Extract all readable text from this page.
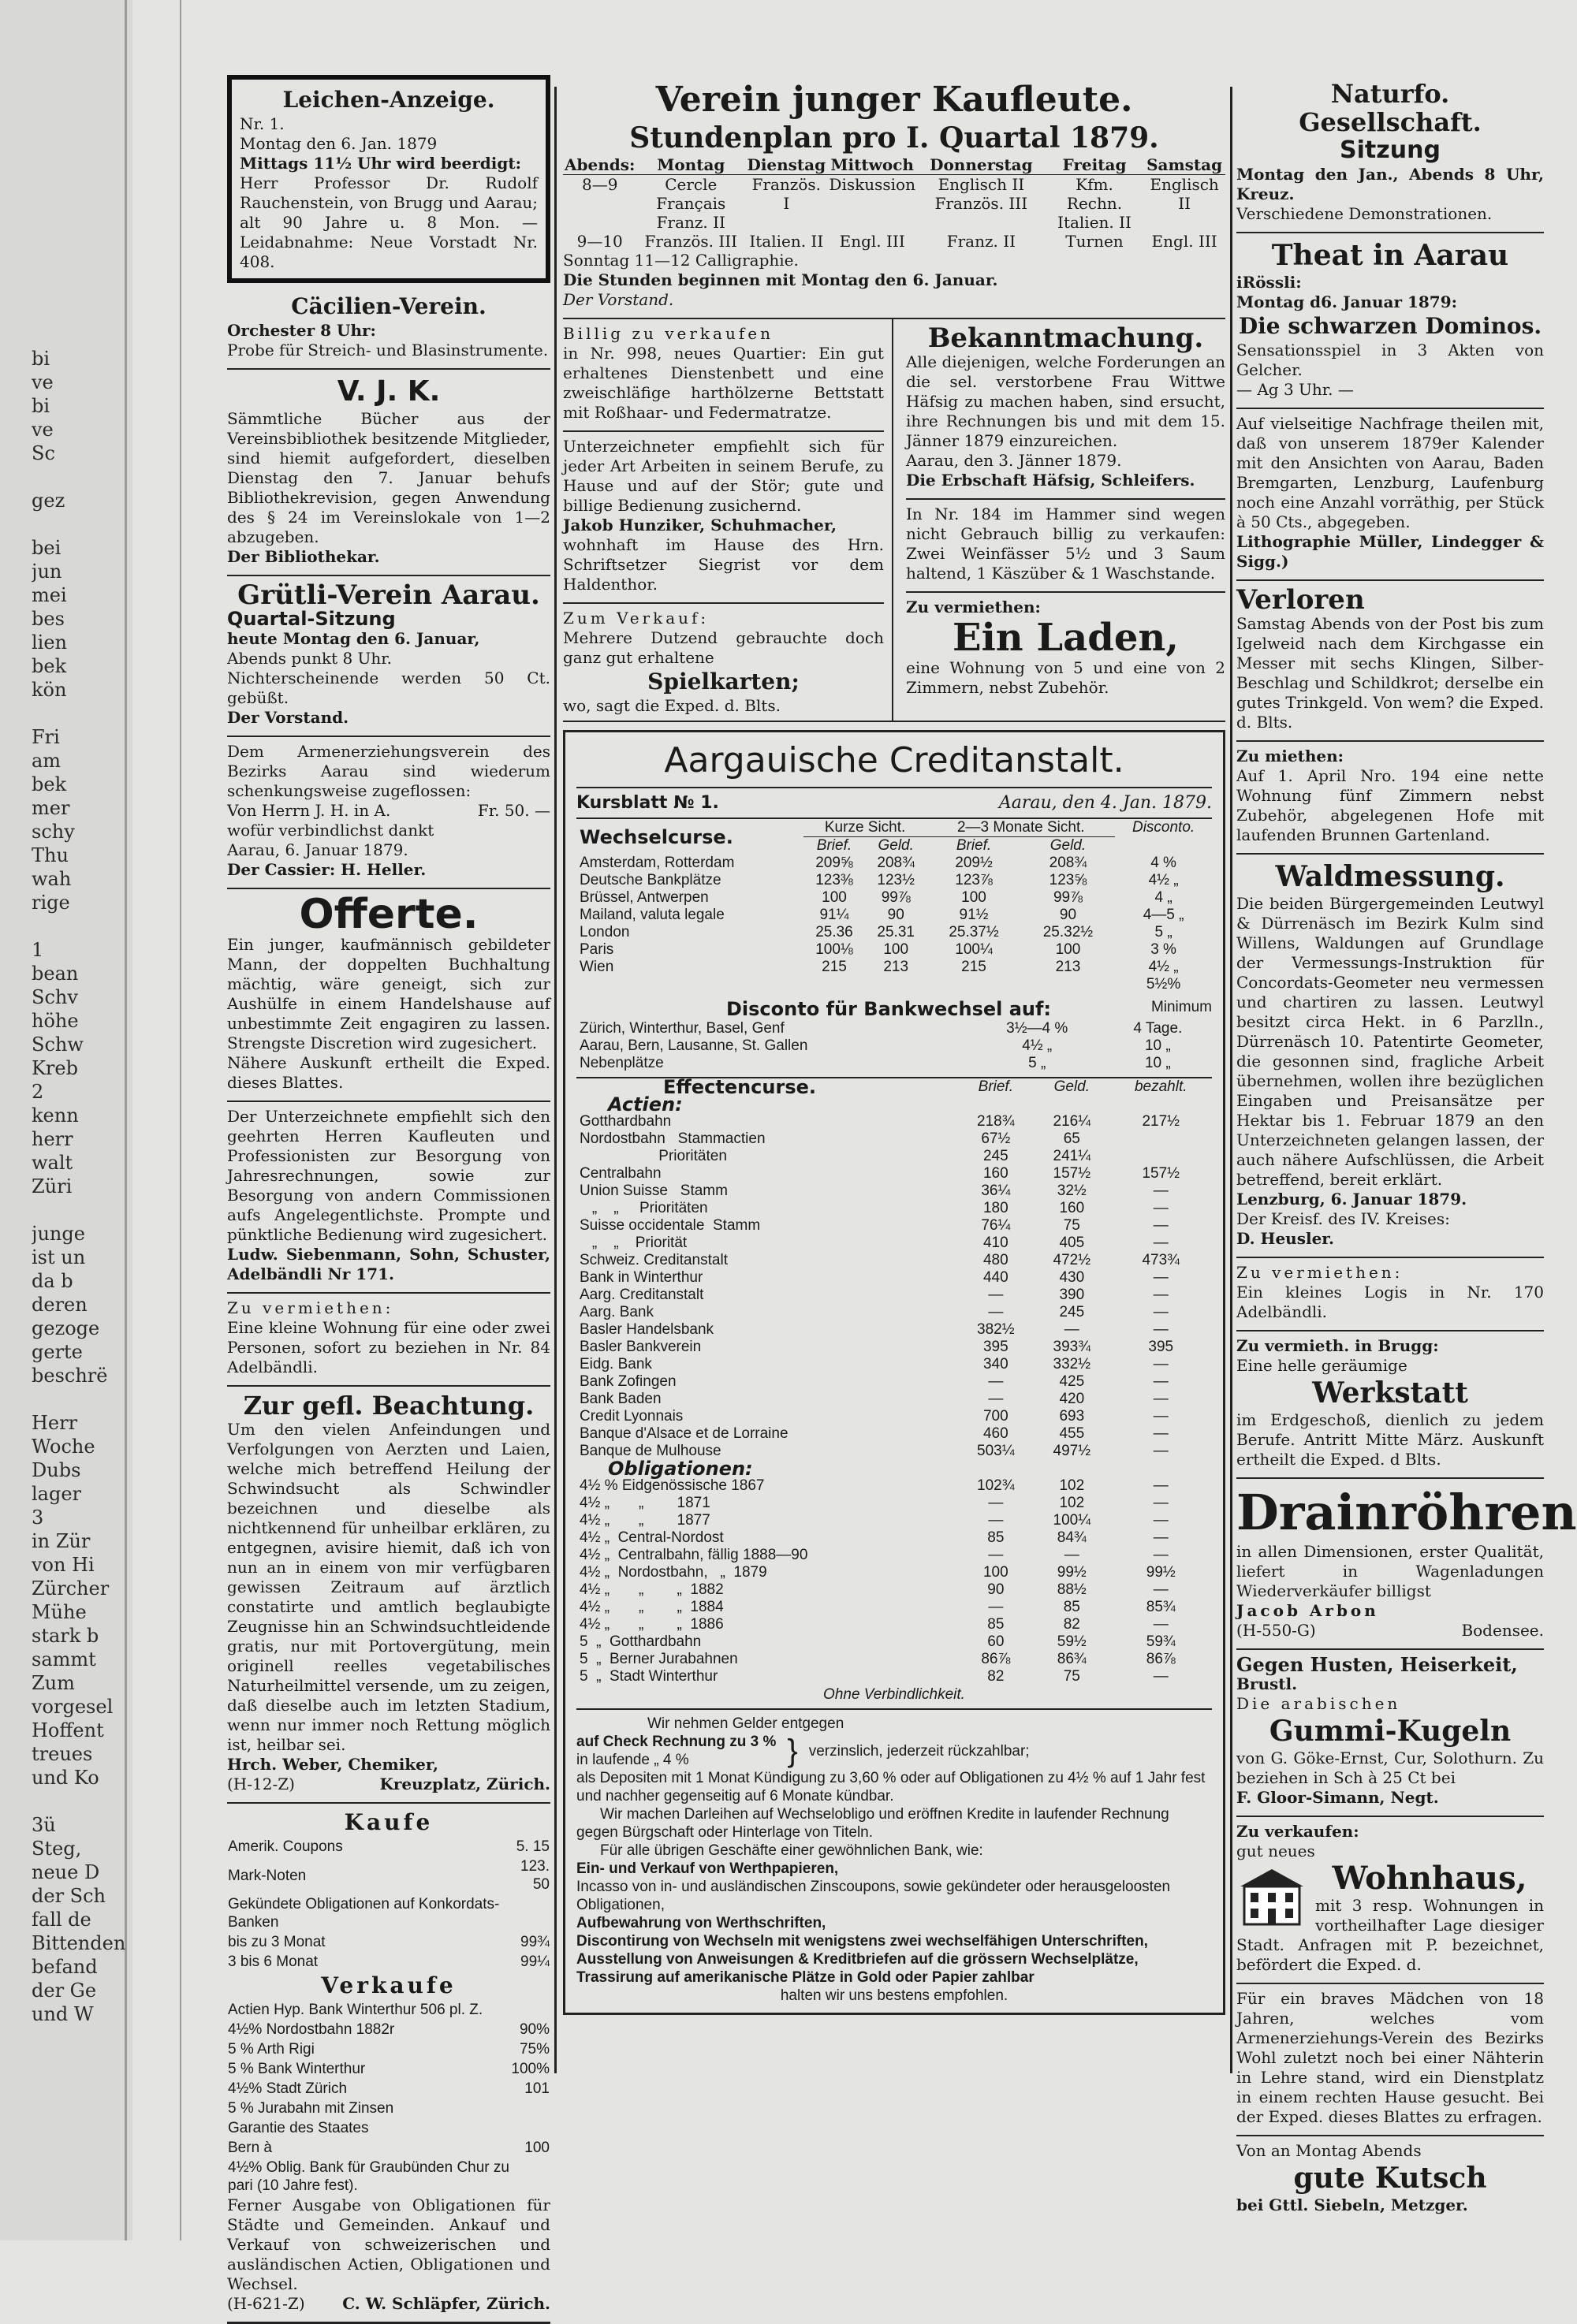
bi
ve
bi
ve
Sc
gez
bei
jun
mei
bes
lien
bek
kön
Fri
am
bek
mer
schy
Thu
wah
rige
1
bean
Schv
höhe
Schw
Kreb
2
kenn
herr
walt
Züri
junge
ist un
da b
deren
gezoge
gerte
beschrë
Herr
Woche
Dubs
lager
3
in Zür
von Hi
Zürcher
Mühe
stark b
sammt
Zum
vorgesel
Hoffent
treues
und Ko
3ü
Steg,
neue D
der Sch
fall de
Bittenden
befand
der Ge
und W
Leichen-Anzeige.
Nr. 1.
Montag den 6. Jan. 1879
Mittags 11½ Uhr wird beerdigt:
Herr Professor Dr. Rudolf Rauchenstein, von Brugg und Aarau; alt 90 Jahre u. 8 Mon. — Leidabnahme: Neue Vorstadt Nr. 408.
Cäcilien-Verein.
Orchester 8 Uhr:
Probe für Streich- und Blasinstrumente.
V. J. K.
Sämmtliche Bücher aus der Vereinsbibliothek besitzende Mitglieder, sind hiemit aufgefordert, dieselben Dienstag den 7. Januar behufs Bibliothekrevision, gegen Anwendung des § 24 im Vereinslokale von 1—2 abzugeben.
Der Bibliothekar.
Grütli-Verein Aarau.
Quartal-Sitzung
heute Montag den 6. Januar,
Abends punkt 8 Uhr.
Nichterscheinende werden 50 Ct. gebüßt.
Der Vorstand.
Dem Armenerziehungsverein des Bezirks Aarau sind wiederum schenkungsweise zugeflossen:
Von Herrn J. H. in A.	Fr. 50. —
wofür verbindlichst dankt
Aarau, 6. Januar 1879.
Der Cassier: H. Heller.
Offerte.
Ein junger, kaufmännisch gebildeter Mann, der doppelten Buchhaltung mächtig, wäre geneigt, sich zur Aushülfe in einem Handelshause auf unbestimmte Zeit engagiren zu lassen. Strengste Discretion wird zugesichert.
Nähere Auskunft ertheilt die Exped. dieses Blattes.
Der Unterzeichnete empfiehlt sich den geehrten Herren Kaufleuten und Professionisten zur Besorgung von Jahresrechnungen, sowie zur Besorgung von andern Commissionen aufs Angelegentlichste. Prompte und pünktliche Bedienung wird zugesichert.
Ludw. Siebenmann, Sohn, Schuster, Adelbändli Nr 171.
Zu vermiethen:
Eine kleine Wohnung für eine oder zwei Personen, sofort zu beziehen in Nr. 84 Adelbändli.
Zur gefl. Beachtung.
Um den vielen Anfeindungen und Verfolgungen von Aerzten und Laien, welche mich betreffend Heilung der Schwindsucht als Schwindler bezeichnen und dieselbe als nichtkennend für unheilbar erklären, zu entgegnen, avisire hiemit, daß ich von nun an in einem von mir verfügbaren gewissen Zeitraum auf ärztlich constatirte und amtlich beglaubigte Zeugnisse hin an Schwindsuchtleidende gratis, nur mit Portovergütung, mein originell reelles vegetabilisches Naturheilmittel versende, um zu zeigen, daß dieselbe auch im letzten Stadium, wenn nur immer noch Rettung möglich ist, heilbar sei.
Hrch. Weber, Chemiker,
(H-12-Z)	Kreuzplatz, Zürich.
Kaufe
Amerik. Coupons	5. 15
Mark-Noten	123. 50
Gekündete Obligationen auf Konkordats-Banken	
bis zu 3 Monat	99¾
3 bis 6 Monat	99¼
Verkaufe
Actien Hyp. Bank Winterthur 506 pl. Z.	
4½% Nordostbahn 1882r	90%
5 % Arth Rigi	75%
5 % Bank Winterthur	100%
4½% Stadt Zürich	101
5 % Jurabahn mit Zinsen	
Garantie des Staates	
Bern à	100
4½% Oblig. Bank für Graubünden Chur zu pari (10 Jahre fest).	
Ferner Ausgabe von Obligationen für Städte und Gemeinden. Ankauf und Verkauf von schweizerischen und ausländischen Actien, Obligationen und Wechsel.
(H-621-Z) C. W. Schläpfer, Zürich.
Verein junger Kaufleute.
Stundenplan pro I. Quartal 1879.
Abends:	Montag	Dienstag	Mittwoch	Donnerstag	Freitag	Samstag
8—9	Cercle Français Franz. II	Französ. I	Diskussion	Englisch II Französ. III	Kfm. Rechn. Italien. II	Englisch II
9—10	Französ. III	Italien. II	Engl. III	Franz. II	Turnen	Engl. III
Sonntag 11—12 Calligraphie.
Die Stunden beginnen mit Montag den 6. Januar.
Der Vorstand.
Billig zu verkaufen
in Nr. 998, neues Quartier: Ein gut erhaltenes Dienstenbett und eine zweischläfige harthölzerne Bettstatt mit Roßhaar- und Federmatratze.
Unterzeichneter empfiehlt sich für jeder Art Arbeiten in seinem Berufe, zu Hause und auf der Stör; gute und billige Bedienung zusichernd.
Jakob Hunziker, Schuhmacher,
wohnhaft im Hause des Hrn. Schriftsetzer Siegrist vor dem Haldenthor.
Zum Verkauf:
Mehrere Dutzend gebrauchte doch ganz gut erhaltene
Spielkarten;
wo, sagt die Exped. d. Blts.
Bekanntmachung.
Alle diejenigen, welche Forderungen an die sel. verstorbene Frau Wittwe Häfsig zu machen haben, sind ersucht, ihre Rechnungen bis und mit dem 15. Jänner 1879 einzureichen.
Aarau, den 3. Jänner 1879.
Die Erbschaft Häfsig, Schleifers.
In Nr. 184 im Hammer sind wegen nicht Gebrauch billig zu verkaufen: Zwei Weinfässer 5½ und 3 Saum haltend, 1 Käszüber & 1 Waschstande.
Zu vermiethen:
Ein Laden,
eine Wohnung von 5 und eine von 2 Zimmern, nebst Zubehör.
Aargauische Creditanstalt.
Kursblatt № 1.	Aarau, den 4. Jan. 1879.
Wechselcurse.	Kurze Sicht.		2—3 Monate Sicht.		Disconto.
	Brief.	Geld.	Brief.	Geld.	
Amsterdam, Rotterdam	209⅝	208¾	209½	208¾	4 %
Deutsche Bankplätze	123⅜	123½	123⅞	123⅝	4½ „
Brüssel, Antwerpen	100	99⅞	100	99⅞	4 „
Mailand, valuta legale	91¼	90	91½	90	4—5 „
London	25.36	25.31	25.37½	25.32½	5 „
Paris	100⅛	100	100¼	100	3 %
Wien	215	213	215	213	4½ „
					5½%
Disconto für Bankwechsel auf:	Minimum
Zürich, Winterthur, Basel, Genf	3½—4 %	4 Tage.
Aarau, Bern, Lausanne, St. Gallen	4½ „	10 „
Nebenplätze	5 „	10 „
Effectencurse.	Brief.	Geld.	bezahlt.
Actien:			
Gotthardbahn	218¾	216¼	217½
Nordostbahn   Stammactien	67½	65	
Prioritäten	245	241¼	
Centralbahn	160	157½	157½
Union Suisse   Stamm	36¼	32½	—
„    „     Prioritäten	180	160	—
Suisse occidentale  Stamm	76¼	75	—
„    „    Priorität	410	405	—
Schweiz. Creditanstalt	480	472½	473¾
Bank in Winterthur	440	430	—
Aarg. Creditanstalt	—	390	—
Aarg. Bank	—	245	—
Basler Handelsbank	382½	—	—
Basler Bankverein	395	393¾	395
Eidg. Bank	340	332½	—
Bank Zofingen	—	425	—
Bank Baden	—	420	—
Credit Lyonnais	700	693	—
Banque d'Alsace et de Lorraine	460	455	—
Banque de Mulhouse	503¼	497½	—
Obligationen:			
4½ % Eidgenössische 1867	102¾	102	—
4½ „       „        1871	—	102	—
4½ „       „        1877	—	100¼	—
4½ „  Central-Nordost	85	84¾	—
4½ „  Centralbahn, fällig 1888—90	—	—	—
4½ „  Nordostbahn,   „  1879	100	99½	99½
4½ „       „        „  1882	90	88½	—
4½ „       „        „  1884	—	85	85¾
4½ „       „        „  1886	85	82	—
5  „  Gotthardbahn	60	59½	59¾
5  „  Berner Jurabahnen	86⅞	86¾	86⅞
5  „  Stadt Winterthur	82	75	—
Ohne Verbindlichkeit.
Wir nehmen Gelder entgegen
auf Check Rechnung zu 3 %
in laufende „ 4 %	} verzinslich, jederzeit rückzahlbar;
als Depositen mit 1 Monat Kündigung zu 3,60 % oder auf Obligationen zu 4½ % auf 1 Jahr fest und nachher gegenseitig auf 6 Monate kündbar.
Wir machen Darleihen auf Wechselobligo und eröffnen Kredite in laufender Rechnung gegen Bürgschaft oder Hinterlage von Titeln.
Für alle übrigen Geschäfte einer gewöhnlichen Bank, wie:
Ein- und Verkauf von Werthpapieren,
Incasso von in- und ausländischen Zinscoupons, sowie gekündeter oder herausgeloosten Obligationen,
Aufbewahrung von Werthschriften,
Discontirung von Wechseln mit wenigstens zwei wechselfähigen Unterschriften,
Ausstellung von Anweisungen & Kreditbriefen auf die grössern Wechselplätze,
Trassirung auf amerikanische Plätze in Gold oder Papier zahlbar
halten wir uns bestens empfohlen.
Naturfo. Gesellschaft.
Sitzung
Montag den Jan., Abends 8 Uhr, Kreuz.
Verschiedene Demonstrationen.
Theat in Aarau
iRössli:
Montag d6. Januar 1879:
Die schwarzen Dominos.
Sensationsspiel in 3 Akten von Gelcher.
— Ag 3 Uhr. —
Auf vielseitige Nachfrage theilen mit, daß von unserem 1879er Kalender mit den Ansichten von Aarau, Baden Bremgarten, Lenzburg, Laufenburg noch eine Anzahl vorräthig, per Stück à 50 Cts., abgegeben.
Lithographie Müller, Lindegger & Sigg.)
Verloren
Samstag Abends von der Post bis zum Igelweid nach dem Kirchgasse ein Messer mit sechs Klingen, Silber-Beschlag und Schildkrot; derselbe ein gutes Trinkgeld. Von wem? die Exped. d. Blts.
Zu miethen:
Auf 1. April Nro. 194 eine nette Wohnung fünf Zimmern nebst Zubehör, abgelegenen Hofe mit laufenden Brunnen Gartenland.
Waldmessung.
Die beiden Bürgergemeinden Leutwyl & Dürrenäsch im Bezirk Kulm sind Willens, Waldungen auf Grundlage der Vermessungs-Instruktion für Concordats-Geometer neu vermessen und chartiren zu lassen. Leutwyl besitzt circa Hekt. in 6 Parzlln., Dürrenäsch 10. Patentirte Geometer, die gesonnen sind, fragliche Arbeit übernehmen, wollen ihre bezüglichen Eingaben und Preisansätze per Hektar bis 1. Februar 1879 an den Unterzeichneten gelangen lassen, der auch nähere Aufschlüssen, die Arbeit betreffend, bereit erklärt.
Lenzburg, 6. Januar 1879.
Der Kreisf. des IV. Kreises:
D. Heusler.
Zu vermiethen:
Ein kleines Logis in Nr. 170 Adelbändli.
Zu vermieth. in Brugg:
Eine helle geräumige
Werkstatt
im Erdgeschoß, dienlich zu jedem Berufe. Antritt Mitte März. Auskunft ertheilt die Exped. d Blts.
Drainröhren
in allen Dimensionen, erster Qualität, liefert in Wagenladungen Wiederverkäufer billigst
Jacob Arbon
(H-550-G)	Bodensee.
Gegen Husten, Heiserkeit,
Brustl.
Die arabischen
Gummi-Kugeln
von G. Göke-Ernst, Cur, Solothurn. Zu beziehen in Sch à 25 Ct bei
F. Gloor-Simann, Negt.
Zu verkaufen:
gut neues
Wohnhaus,
mit 3 resp. Wohnungen in vortheilhafter Lage diesiger Stadt. Anfragen mit P. bezeichnet, befördert die Exped. d.
Für ein braves Mädchen von 18 Jahren, welches vom Armenerziehungs-Verein des Bezirks Wohl zuletzt noch bei einer Nähterin in Lehre stand, wird ein Dienstplatz in einem rechten Hause gesucht. Bei der Exped. dieses Blattes zu erfragen.
Von an Montag Abends
gute Kutsch
bei Gttl. Siebeln, Metzger.
